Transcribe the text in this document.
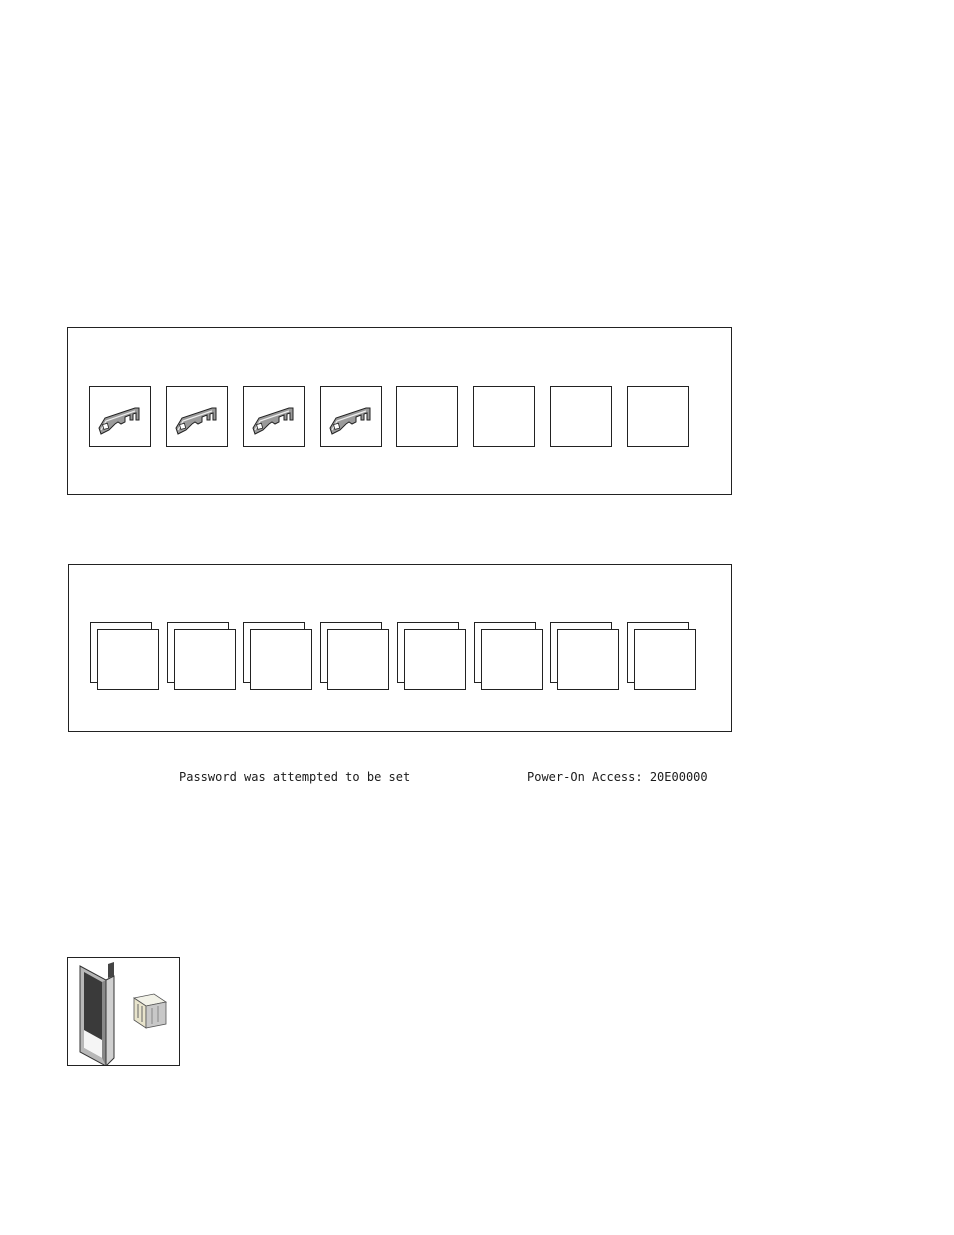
Password was attempted to be set	Power-On Access: 20E00000
